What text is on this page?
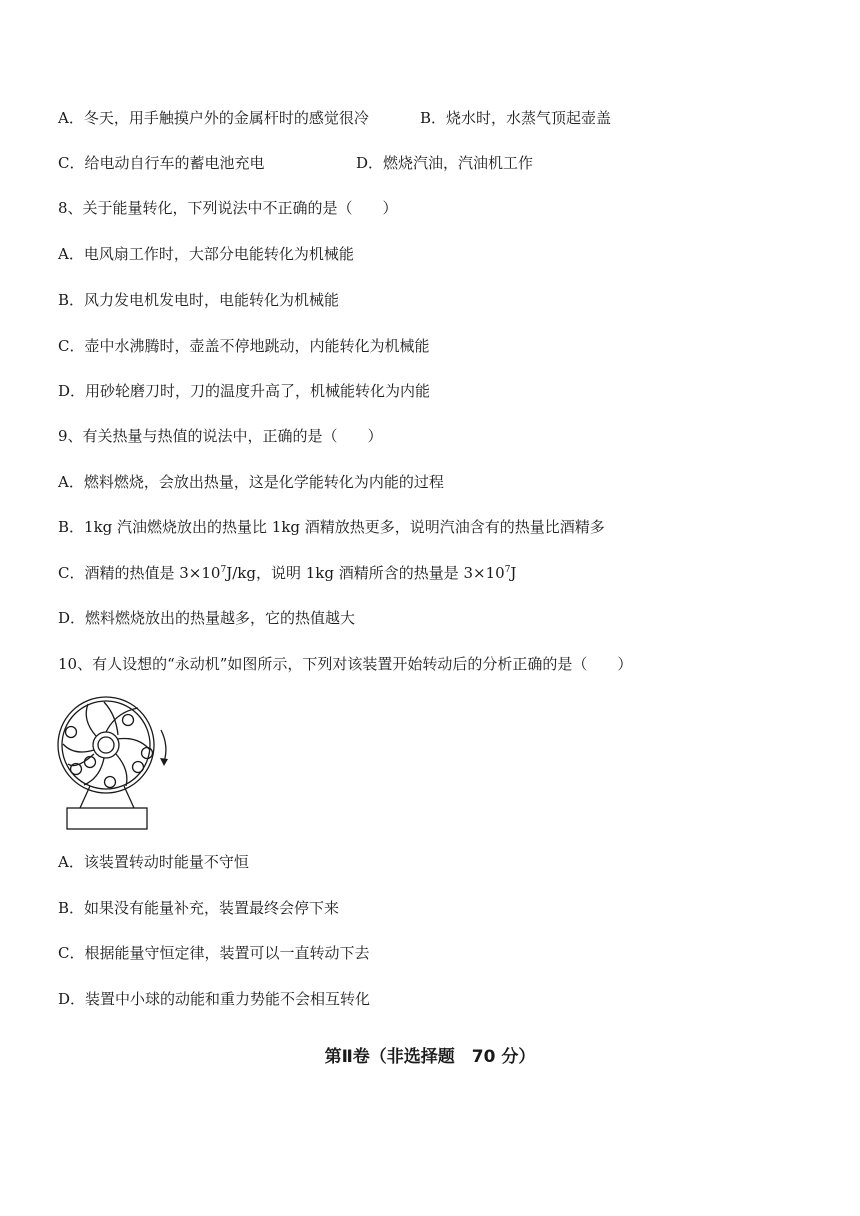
A．冬天，用手触摸户外的金属杆时的感觉很冷	B．烧水时，水蒸气顶起壶盖
C．给电动自行车的蓄电池充电	D．燃烧汽油，汽油机工作
8、关于能量转化，下列说法中不正确的是（　　）
A．电风扇工作时，大部分电能转化为机械能
B．风力发电机发电时，电能转化为机械能
C．壶中水沸腾时，壶盖不停地跳动，内能转化为机械能
D．用砂轮磨刀时，刀的温度升高了，机械能转化为内能
9、有关热量与热值的说法中，正确的是（　　）
A．燃料燃烧，会放出热量，这是化学能转化为内能的过程
B．1kg 汽油燃烧放出的热量比 1kg 酒精放热更多，说明汽油含有的热量比酒精多
C．酒精的热值是 $3\times 10^7J/kg$，说明 1kg 酒精所含的热量是 $3\times 10^7J$
D．燃料燃烧放出的热量越多，它的热值越大
10、有人设想的“永动机”如图所示，下列对该装置开始转动后的分析正确的是（　　）
A．该装置转动时能量不守恒
B．如果没有能量补充，装置最终会停下来
C．根据能量守恒定律，装置可以一直转动下去
D．装置中小球的动能和重力势能不会相互转化
第Ⅱ卷（非选择题　70 分）
